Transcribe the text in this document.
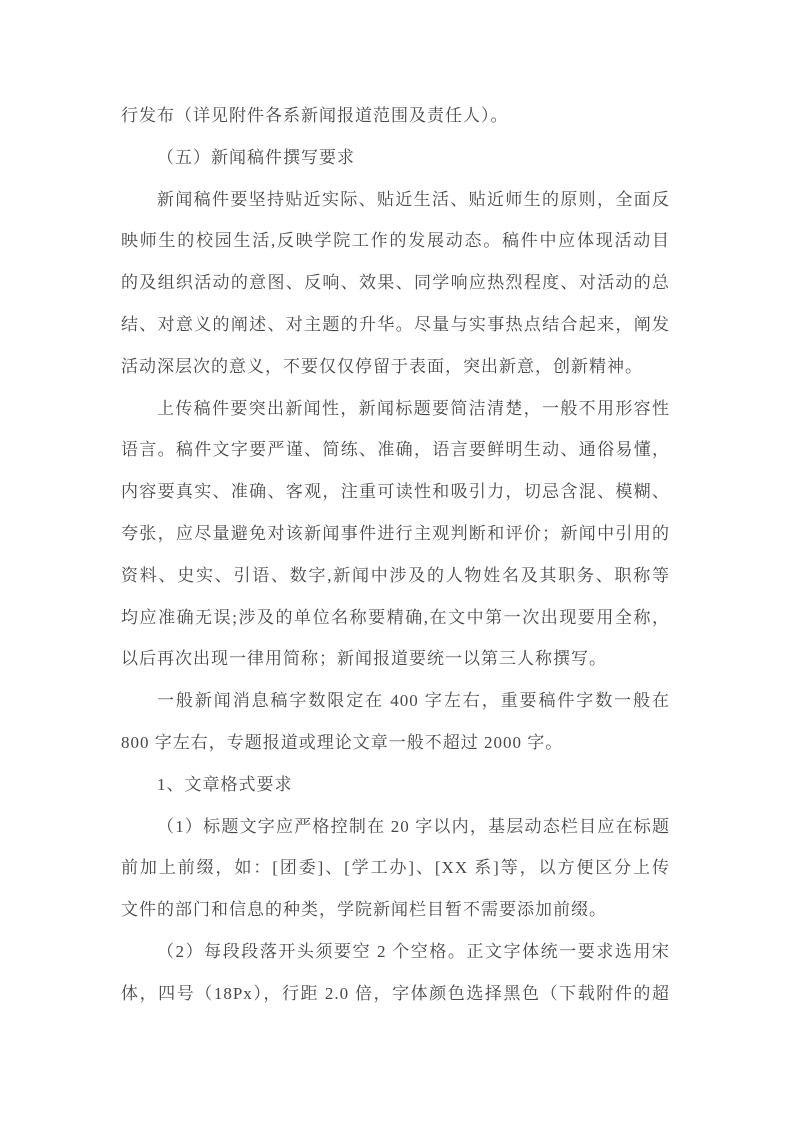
行发布（详见附件各系新闻报道范围及责任人）。
（五）新闻稿件撰写要求
新闻稿件要坚持贴近实际、贴近生活、贴近师生的原则，全面反
映师生的校园生活,反映学院工作的发展动态。稿件中应体现活动目
的及组织活动的意图、反响、效果、同学响应热烈程度、对活动的总
结、对意义的阐述、对主题的升华。尽量与实事热点结合起来，阐发
活动深层次的意义，不要仅仅停留于表面，突出新意，创新精神。
上传稿件要突出新闻性，新闻标题要简洁清楚，一般不用形容性
语言。稿件文字要严谨、简练、准确，语言要鲜明生动、通俗易懂，
内容要真实、准确、客观，注重可读性和吸引力，切忌含混、模糊、
夸张，应尽量避免对该新闻事件进行主观判断和评价；新闻中引用的
资料、史实、引语、数字,新闻中涉及的人物姓名及其职务、职称等
均应准确无误;涉及的单位名称要精确,在文中第一次出现要用全称，
以后再次出现一律用简称；新闻报道要统一以第三人称撰写。
一般新闻消息稿字数限定在 400 字左右，重要稿件字数一般在
800 字左右，专题报道或理论文章一般不超过 2000 字。
1、文章格式要求
（1）标题文字应严格控制在 20 字以内，基层动态栏目应在标题
前加上前缀，如：[团委]、[学工办]、[XX 系]等，以方便区分上传
文件的部门和信息的种类，学院新闻栏目暂不需要添加前缀。
（2）每段段落开头须要空 2 个空格。正文字体统一要求选用宋
体，四号（18Px），行距 2.0 倍，字体颜色选择黑色（下载附件的超
